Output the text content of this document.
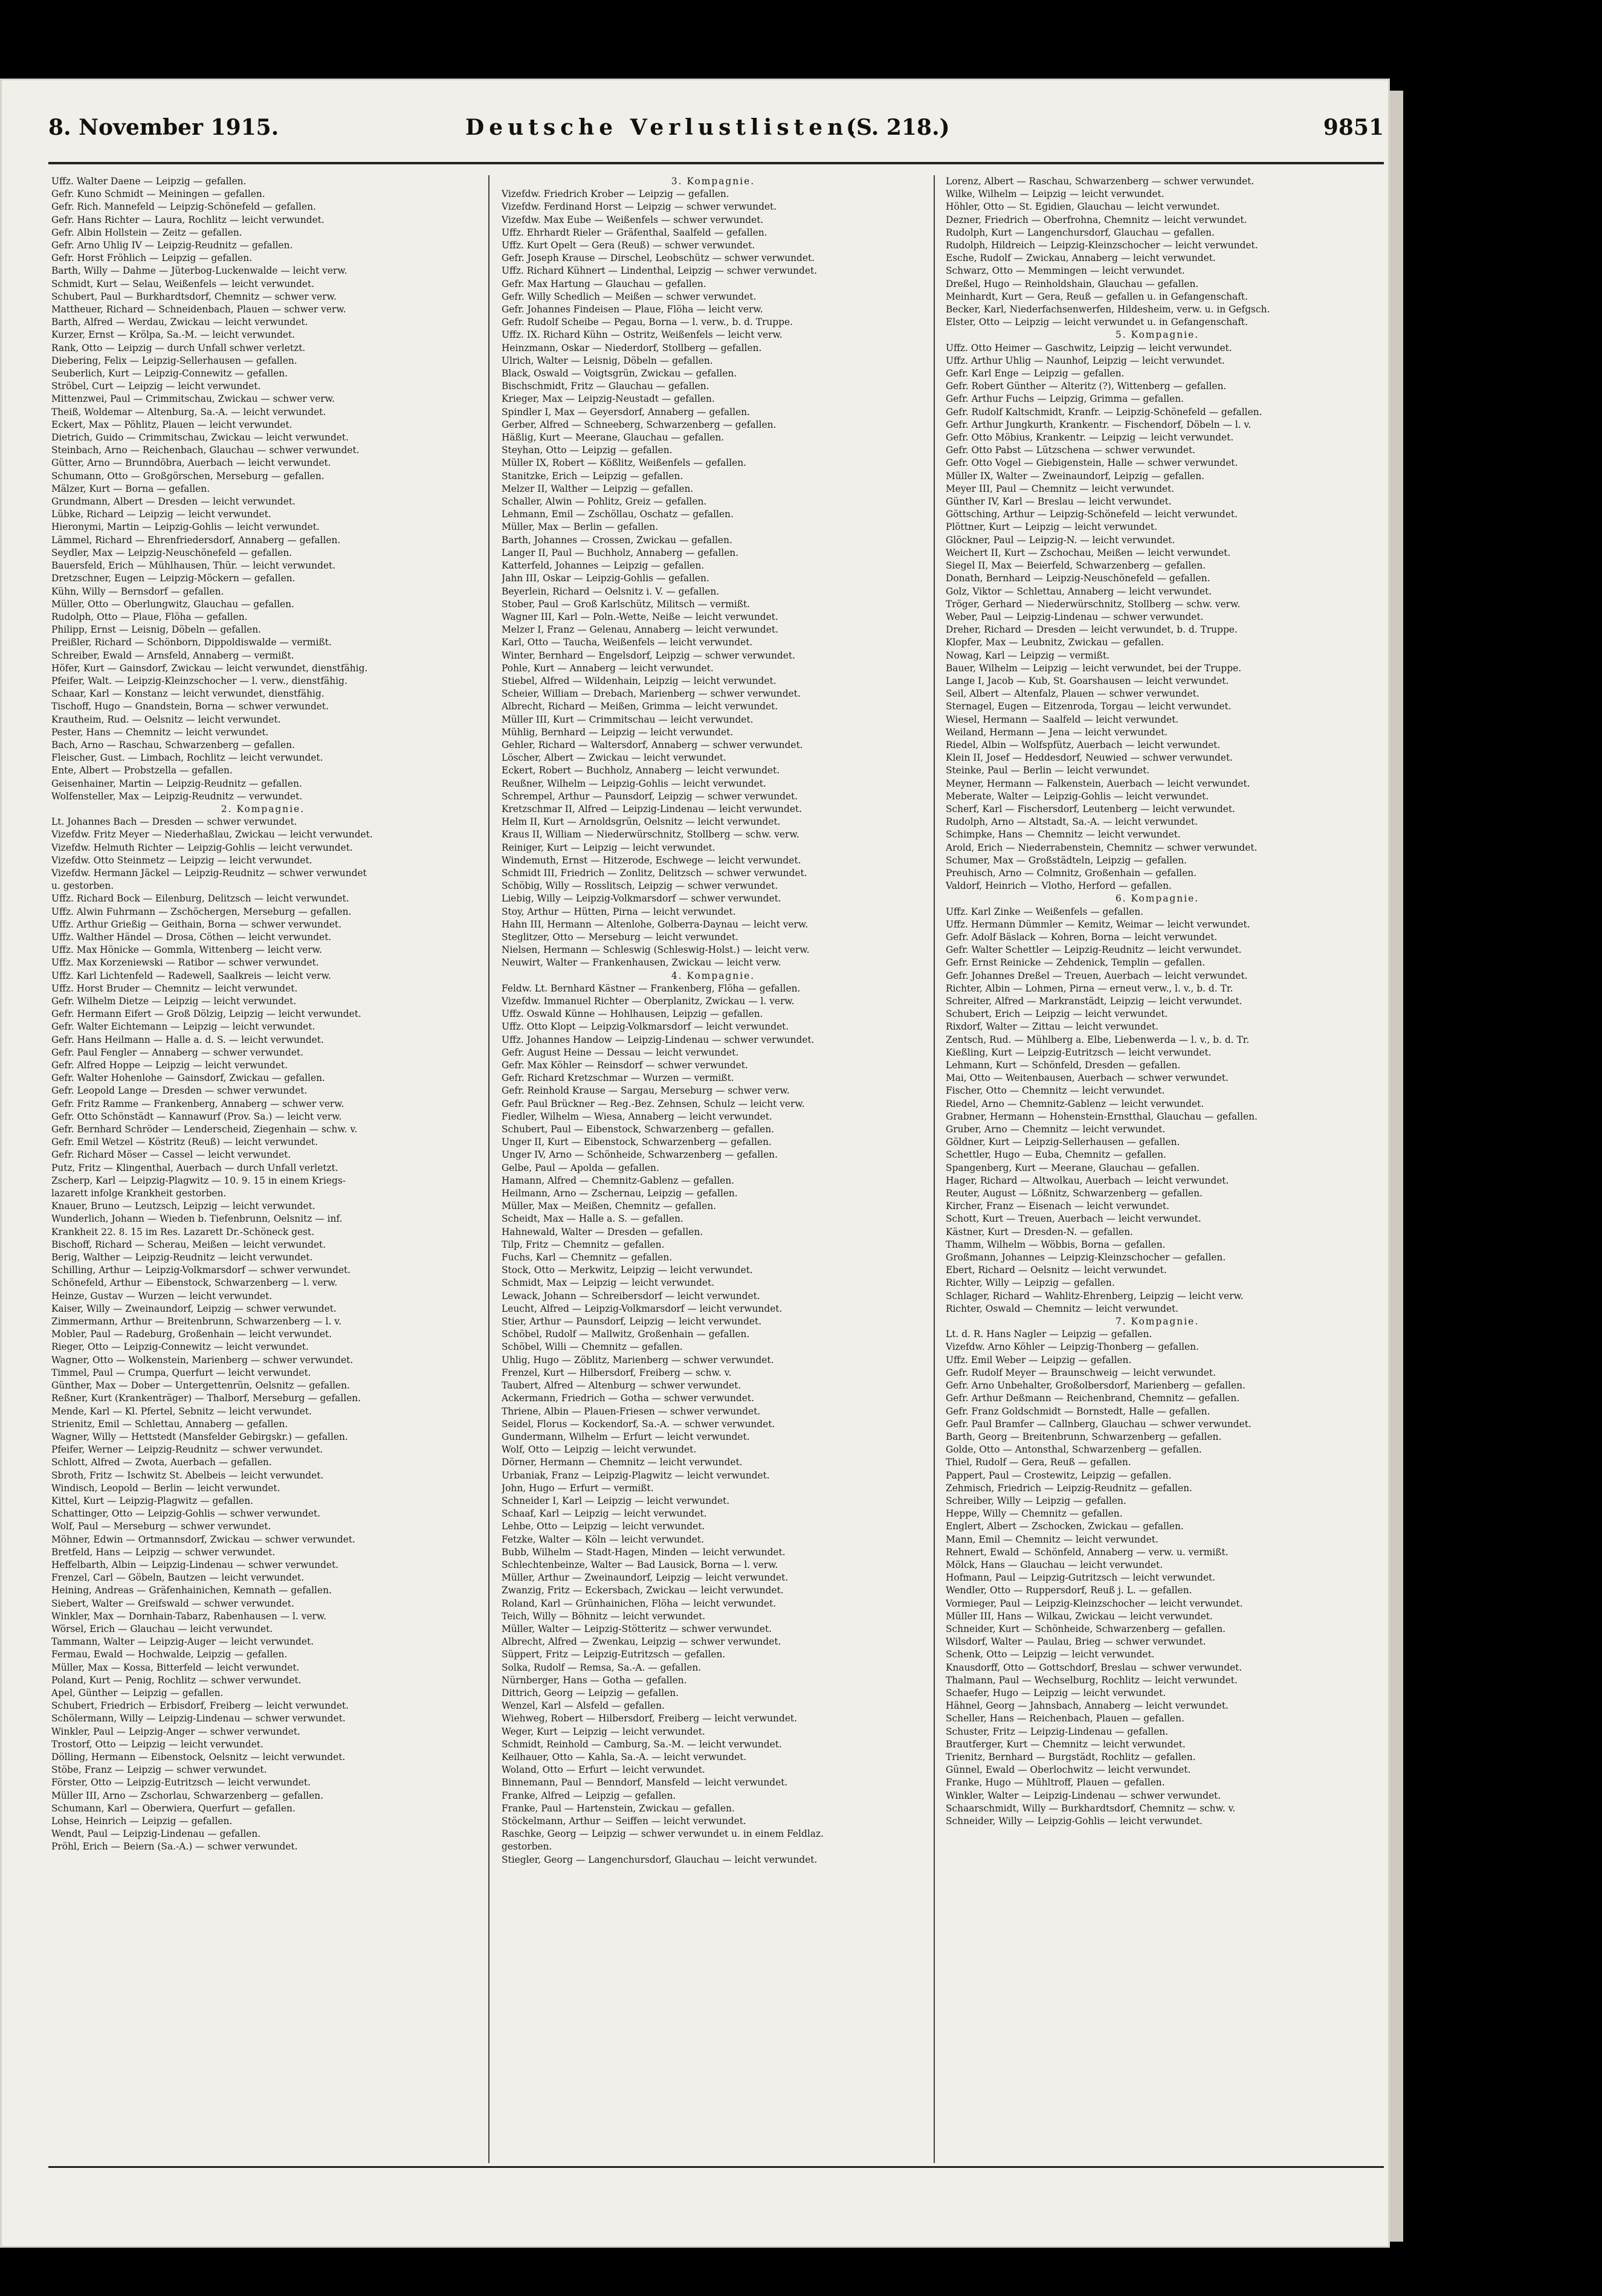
8. November 1915.	Deutsche Verlustlisten.
(S. 218.)	9851
Uffz. Walter Daene — Leipzig — gefallen.
Gefr. Kuno Schmidt — Meiningen — gefallen.
Gefr. Rich. Mannefeld — Leipzig-Schönefeld — gefallen.
Gefr. Hans Richter — Laura, Rochlitz — leicht verwundet.
Gefr. Albin Hollstein — Zeitz — gefallen.
Gefr. Arno Uhlig IV — Leipzig-Reudnitz — gefallen.
Gefr. Horst Fröhlich — Leipzig — gefallen.
Barth, Willy — Dahme — Jüterbog-Luckenwalde — leicht verw.
Schmidt, Kurt — Selau, Weißenfels — leicht verwundet.
Schubert, Paul — Burkhardtsdorf, Chemnitz — schwer verw.
Mattheuer, Richard — Schneidenbach, Plauen — schwer verw.
Barth, Alfred — Werdau, Zwickau — leicht verwundet.
Kurzer, Ernst — Krölpa, Sa.-M. — leicht verwundet.
Rank, Otto — Leipzig — durch Unfall schwer verletzt.
Diebering, Felix — Leipzig-Sellerhausen — gefallen.
Seuberlich, Kurt — Leipzig-Connewitz — gefallen.
Ströbel, Curt — Leipzig — leicht verwundet.
Mittenzwei, Paul — Crimmitschau, Zwickau — schwer verw.
Theiß, Woldemar — Altenburg, Sa.-A. — leicht verwundet.
Eckert, Max — Pöhlitz, Plauen — leicht verwundet.
Dietrich, Guido — Crimmitschau, Zwickau — leicht verwundet.
Steinbach, Arno — Reichenbach, Glauchau — schwer verwundet.
Gütter, Arno — Brunndöbra, Auerbach — leicht verwundet.
Schumann, Otto — Großgörschen, Merseburg — gefallen.
Mälzer, Kurt — Borna — gefallen.
Grundmann, Albert — Dresden — leicht verwundet.
Lübke, Richard — Leipzig — leicht verwundet.
Hieronymi, Martin — Leipzig-Gohlis — leicht verwundet.
Lämmel, Richard — Ehrenfriedersdorf, Annaberg — gefallen.
Seydler, Max — Leipzig-Neuschönefeld — gefallen.
Bauersfeld, Erich — Mühlhausen, Thür. — leicht verwundet.
Dretzschner, Eugen — Leipzig-Möckern — gefallen.
Kühn, Willy — Bernsdorf — gefallen.
Müller, Otto — Oberlungwitz, Glauchau — gefallen.
Rudolph, Otto — Plaue, Flöha — gefallen.
Philipp, Ernst — Leisnig, Döbeln — gefallen.
Preißler, Richard — Schönborn, Dippoldiswalde — vermißt.
Schreiber, Ewald — Arnsfeld, Annaberg — vermißt.
Höfer, Kurt — Gainsdorf, Zwickau — leicht verwundet, dienstfähig.
Pfeifer, Walt. — Leipzig-Kleinzschocher — l. verw., dienstfähig.
Schaar, Karl — Konstanz — leicht verwundet, dienstfähig.
Tischoff, Hugo — Gnandstein, Borna — schwer verwundet.
Krautheim, Rud. — Oelsnitz — leicht verwundet.
Pester, Hans — Chemnitz — leicht verwundet.
Bach, Arno — Raschau, Schwarzenberg — gefallen.
Fleischer, Gust. — Limbach, Rochlitz — leicht verwundet.
Ente, Albert — Probstzella — gefallen.
Geisenhainer, Martin — Leipzig-Reudnitz — gefallen.
Wolfensteller, Max — Leipzig-Reudnitz — verwundet.
2. Kompagnie.
Lt. Johannes Bach — Dresden — schwer verwundet.
Vizefdw. Fritz Meyer — Niederhaßlau, Zwickau — leicht verwundet.
Vizefdw. Helmuth Richter — Leipzig-Gohlis — leicht verwundet.
Vizefdw. Otto Steinmetz — Leipzig — leicht verwundet.
Vizefdw. Hermann Jäckel — Leipzig-Reudnitz — schwer verwundet
u. gestorben.
Uffz. Richard Bock — Eilenburg, Delitzsch — leicht verwundet.
Uffz. Alwin Fuhrmann — Zschöchergen, Merseburg — gefallen.
Uffz. Arthur Grießig — Geithain, Borna — schwer verwundet.
Uffz. Walther Händel — Drosa, Cöthen — leicht verwundet.
Uffz. Max Hönicke — Gommla, Wittenberg — leicht verw.
Uffz. Max Korzeniewski — Ratibor — schwer verwundet.
Uffz. Karl Lichtenfeld — Radewell, Saalkreis — leicht verw.
Uffz. Horst Bruder — Chemnitz — leicht verwundet.
Gefr. Wilhelm Dietze — Leipzig — leicht verwundet.
Gefr. Hermann Eifert — Groß Dölzig, Leipzig — leicht verwundet.
Gefr. Walter Eichtemann — Leipzig — leicht verwundet.
Gefr. Hans Heilmann — Halle a. d. S. — leicht verwundet.
Gefr. Paul Fengler — Annaberg — schwer verwundet.
Gefr. Alfred Hoppe — Leipzig — leicht verwundet.
Gefr. Walter Hohenlohe — Gainsdorf, Zwickau — gefallen.
Gefr. Leopold Lange — Dresden — schwer verwundet.
Gefr. Fritz Ramme — Frankenberg, Annaberg — schwer verw.
Gefr. Otto Schönstädt — Kannawurf (Prov. Sa.) — leicht verw.
Gefr. Bernhard Schröder — Lenderscheid, Ziegenhain — schw. v.
Gefr. Emil Wetzel — Köstritz (Reuß) — leicht verwundet.
Gefr. Richard Möser — Cassel — leicht verwundet.
Putz, Fritz — Klingenthal, Auerbach — durch Unfall verletzt.
Zscherp, Karl — Leipzig-Plagwitz — 10. 9. 15 in einem Kriegs-
lazarett infolge Krankheit gestorben.
Knauer, Bruno — Leutzsch, Leipzig — leicht verwundet.
Wunderlich, Johann — Wieden b. Tiefenbrunn, Oelsnitz — inf.
Krankheit 22. 8. 15 im Res. Lazarett Dr.-Schöneck gest.
Bischoff, Richard — Scherau, Meißen — leicht verwundet.
Berig, Walther — Leipzig-Reudnitz — leicht verwundet.
Schilling, Arthur — Leipzig-Volkmarsdorf — schwer verwundet.
Schönefeld, Arthur — Eibenstock, Schwarzenberg — l. verw.
Heinze, Gustav — Wurzen — leicht verwundet.
Kaiser, Willy — Zweinaundorf, Leipzig — schwer verwundet.
Zimmermann, Arthur — Breitenbrunn, Schwarzenberg — l. v.
Mobler, Paul — Radeburg, Großenhain — leicht verwundet.
Rieger, Otto — Leipzig-Connewitz — leicht verwundet.
Wagner, Otto — Wolkenstein, Marienberg — schwer verwundet.
Timmel, Paul — Crumpa, Querfurt — leicht verwundet.
Günther, Max — Dober — Untergettenrün, Oelsnitz — gefallen.
Reßner, Kurt (Krankenträger) — Thalborf, Merseburg — gefallen.
Mende, Karl — Kl. Pfertel, Sebnitz — leicht verwundet.
Strienitz, Emil — Schlettau, Annaberg — gefallen.
Wagner, Willy — Hettstedt (Mansfelder Gebirgskr.) — gefallen.
Pfeifer, Werner — Leipzig-Reudnitz — schwer verwundet.
Schlott, Alfred — Zwota, Auerbach — gefallen.
Sbroth, Fritz — Ischwitz St. Abelbeis — leicht verwundet.
Windisch, Leopold — Berlin — leicht verwundet.
Kittel, Kurt — Leipzig-Plagwitz — gefallen.
Schattinger, Otto — Leipzig-Gohlis — schwer verwundet.
Wolf, Paul — Merseburg — schwer verwundet.
Möhner, Edwin — Ortmannsdorf, Zwickau — schwer verwundet.
Bretfeld, Hans — Leipzig — schwer verwundet.
Heffelbarth, Albin — Leipzig-Lindenau — schwer verwundet.
Frenzel, Carl — Göbeln, Bautzen — leicht verwundet.
Heining, Andreas — Gräfenhainichen, Kemnath — gefallen.
Siebert, Walter — Greifswald — schwer verwundet.
Winkler, Max — Dornhain-Tabarz, Rabenhausen — l. verw.
Wörsel, Erich — Glauchau — leicht verwundet.
Tammann, Walter — Leipzig-Auger — leicht verwundet.
Fermau, Ewald — Hochwalde, Leipzig — gefallen.
Müller, Max — Kossa, Bitterfeld — leicht verwundet.
Poland, Kurt — Penig, Rochlitz — schwer verwundet.
Apel, Günther — Leipzig — gefallen.
Schubert, Friedrich — Erbisdorf, Freiberg — leicht verwundet.
Schölermann, Willy — Leipzig-Lindenau — schwer verwundet.
Winkler, Paul — Leipzig-Anger — schwer verwundet.
Trostorf, Otto — Leipzig — leicht verwundet.
Dölling, Hermann — Eibenstock, Oelsnitz — leicht verwundet.
Stöbe, Franz — Leipzig — schwer verwundet.
Förster, Otto — Leipzig-Eutritzsch — leicht verwundet.
Müller III, Arno — Zschorlau, Schwarzenberg — gefallen.
Schumann, Karl — Oberwiera, Querfurt — gefallen.
Lohse, Heinrich — Leipzig — gefallen.
Wendt, Paul — Leipzig-Lindenau — gefallen.
Pröhl, Erich — Beiern (Sa.-A.) — schwer verwundet.
3. Kompagnie.
Vizefdw. Friedrich Krober — Leipzig — gefallen.
Vizefdw. Ferdinand Horst — Leipzig — schwer verwundet.
Vizefdw. Max Eube — Weißenfels — schwer verwundet.
Uffz. Ehrhardt Rieler — Gräfenthal, Saalfeld — gefallen.
Uffz. Kurt Opelt — Gera (Reuß) — schwer verwundet.
Gefr. Joseph Krause — Dirschel, Leobschütz — schwer verwundet.
Uffz. Richard Kühnert — Lindenthal, Leipzig — schwer verwundet.
Gefr. Max Hartung — Glauchau — gefallen.
Gefr. Willy Schedlich — Meißen — schwer verwundet.
Gefr. Johannes Findeisen — Plaue, Flöha — leicht verw.
Gefr. Rudolf Scheibe — Pegau, Borna — l. verw., b. d. Truppe.
Uffz. IX. Richard Kühn — Ostritz, Weißenfels — leicht verw.
Heinzmann, Oskar — Niederdorf, Stollberg — gefallen.
Ulrich, Walter — Leisnig, Döbeln — gefallen.
Black, Oswald — Voigtsgrün, Zwickau — gefallen.
Bischschmidt, Fritz — Glauchau — gefallen.
Krieger, Max — Leipzig-Neustadt — gefallen.
Spindler I, Max — Geyersdorf, Annaberg — gefallen.
Gerber, Alfred — Schneeberg, Schwarzenberg — gefallen.
Häßlig, Kurt — Meerane, Glauchau — gefallen.
Steyhan, Otto — Leipzig — gefallen.
Müller IX, Robert — Kößlitz, Weißenfels — gefallen.
Stanitzke, Erich — Leipzig — gefallen.
Melzer II, Walther — Leipzig — gefallen.
Schaller, Alwin — Pohlitz, Greiz — gefallen.
Lehmann, Emil — Zschöllau, Oschatz — gefallen.
Müller, Max — Berlin — gefallen.
Barth, Johannes — Crossen, Zwickau — gefallen.
Langer II, Paul — Buchholz, Annaberg — gefallen.
Katterfeld, Johannes — Leipzig — gefallen.
Jahn III, Oskar — Leipzig-Gohlis — gefallen.
Beyerlein, Richard — Oelsnitz i. V. — gefallen.
Stober, Paul — Groß Karlschütz, Militsch — vermißt.
Wagner III, Karl — Poln.-Wette, Neiße — leicht verwundet.
Melzer I, Franz — Gelenau, Annaberg — leicht verwundet.
Karl, Otto — Taucha, Weißenfels — leicht verwundet.
Winter, Bernhard — Engelsdorf, Leipzig — schwer verwundet.
Pohle, Kurt — Annaberg — leicht verwundet.
Stiebel, Alfred — Wildenhain, Leipzig — leicht verwundet.
Scheier, William — Drebach, Marienberg — schwer verwundet.
Albrecht, Richard — Meißen, Grimma — leicht verwundet.
Müller III, Kurt — Crimmitschau — leicht verwundet.
Mühlig, Bernhard — Leipzig — leicht verwundet.
Gehler, Richard — Waltersdorf, Annaberg — schwer verwundet.
Löscher, Albert — Zwickau — leicht verwundet.
Eckert, Robert — Buchholz, Annaberg — leicht verwundet.
Reußner, Wilhelm — Leipzig-Gohlis — leicht verwundet.
Schrempel, Arthur — Paunsdorf, Leipzig — schwer verwundet.
Kretzschmar II, Alfred — Leipzig-Lindenau — leicht verwundet.
Helm II, Kurt — Arnoldsgrün, Oelsnitz — leicht verwundet.
Kraus II, William — Niederwürschnitz, Stollberg — schw. verw.
Reiniger, Kurt — Leipzig — leicht verwundet.
Windemuth, Ernst — Hitzerode, Eschwege — leicht verwundet.
Schmidt III, Friedrich — Zonlitz, Delitzsch — schwer verwundet.
Schöbig, Willy — Rosslitsch, Leipzig — schwer verwundet.
Liebig, Willy — Leipzig-Volkmarsdorf — schwer verwundet.
Stoy, Arthur — Hütten, Pirna — leicht verwundet.
Hahn III, Hermann — Altenlohe, Golberra-Daynau — leicht verw.
Steglitzer, Otto — Merseburg — leicht verwundet.
Nielsen, Hermann — Schleswig (Schleswig-Holst.) — leicht verw.
Neuwirt, Walter — Frankenhausen, Zwickau — leicht verw.
4. Kompagnie.
Feldw. Lt. Bernhard Kästner — Frankenberg, Flöha — gefallen.
Vizefdw. Immanuel Richter — Oberplanitz, Zwickau — l. verw.
Uffz. Oswald Künne — Hohlhausen, Leipzig — gefallen.
Uffz. Otto Klopt — Leipzig-Volkmarsdorf — leicht verwundet.
Uffz. Johannes Handow — Leipzig-Lindenau — schwer verwundet.
Gefr. August Heine — Dessau — leicht verwundet.
Gefr. Max Köhler — Reinsdorf — schwer verwundet.
Gefr. Richard Kretzschmar — Wurzen — vermißt.
Gefr. Reinhold Krause — Sargau, Merseburg — schwer verw.
Gefr. Paul Brückner — Reg.-Bez. Zehnsen, Schulz — leicht verw.
Fiedler, Wilhelm — Wiesa, Annaberg — leicht verwundet.
Schubert, Paul — Eibenstock, Schwarzenberg — gefallen.
Unger II, Kurt — Eibenstock, Schwarzenberg — gefallen.
Unger IV, Arno — Schönheide, Schwarzenberg — gefallen.
Gelbe, Paul — Apolda — gefallen.
Hamann, Alfred — Chemnitz-Gablenz — gefallen.
Heilmann, Arno — Zschernau, Leipzig — gefallen.
Müller, Max — Meißen, Chemnitz — gefallen.
Scheidt, Max — Halle a. S. — gefallen.
Hahnewald, Walter — Dresden — gefallen.
Tilp, Fritz — Chemnitz — gefallen.
Fuchs, Karl — Chemnitz — gefallen.
Stock, Otto — Merkwitz, Leipzig — leicht verwundet.
Schmidt, Max — Leipzig — leicht verwundet.
Lewack, Johann — Schreibersdorf — leicht verwundet.
Leucht, Alfred — Leipzig-Volkmarsdorf — leicht verwundet.
Stier, Arthur — Paunsdorf, Leipzig — leicht verwundet.
Schöbel, Rudolf — Mallwitz, Großenhain — gefallen.
Schöbel, Willi — Chemnitz — gefallen.
Uhlig, Hugo — Zöblitz, Marienberg — schwer verwundet.
Frenzel, Kurt — Hilbersdorf, Freiberg — schw. v.
Taubert, Alfred — Altenburg — schwer verwundet.
Ackermann, Friedrich — Gotha — schwer verwundet.
Thriene, Albin — Plauen-Friesen — schwer verwundet.
Seidel, Florus — Kockendorf, Sa.-A. — schwer verwundet.
Gundermann, Wilhelm — Erfurt — leicht verwundet.
Wolf, Otto — Leipzig — leicht verwundet.
Dörner, Hermann — Chemnitz — leicht verwundet.
Urbaniak, Franz — Leipzig-Plagwitz — leicht verwundet.
John, Hugo — Erfurt — vermißt.
Schneider I, Karl — Leipzig — leicht verwundet.
Schaaf, Karl — Leipzig — leicht verwundet.
Lehbe, Otto — Leipzig — leicht verwundet.
Fetzke, Walter — Köln — leicht verwundet.
Bubb, Wilhelm — Stadt-Hagen, Minden — leicht verwundet.
Schlechtenbeinze, Walter — Bad Lausick, Borna — l. verw.
Müller, Arthur — Zweinaundorf, Leipzig — leicht verwundet.
Zwanzig, Fritz — Eckersbach, Zwickau — leicht verwundet.
Roland, Karl — Grünhainichen, Flöha — leicht verwundet.
Teich, Willy — Böhnitz — leicht verwundet.
Müller, Walter — Leipzig-Stötteritz — schwer verwundet.
Albrecht, Alfred — Zwenkau, Leipzig — schwer verwundet.
Süppert, Fritz — Leipzig-Eutritzsch — gefallen.
Solka, Rudolf — Remsa, Sa.-A. — gefallen.
Nürnberger, Hans — Gotha — gefallen.
Dittrich, Georg — Leipzig — gefallen.
Wenzel, Karl — Alsfeld — gefallen.
Wiehweg, Robert — Hilbersdorf, Freiberg — leicht verwundet.
Weger, Kurt — Leipzig — leicht verwundet.
Schmidt, Reinhold — Camburg, Sa.-M. — leicht verwundet.
Keilhauer, Otto — Kahla, Sa.-A. — leicht verwundet.
Woland, Otto — Erfurt — leicht verwundet.
Binnemann, Paul — Benndorf, Mansfeld — leicht verwundet.
Franke, Alfred — Leipzig — gefallen.
Franke, Paul — Hartenstein, Zwickau — gefallen.
Stöckelmann, Arthur — Seiffen — leicht verwundet.
Raschke, Georg — Leipzig — schwer verwundet u. in einem Feldlaz.
gestorben.
Stiegler, Georg — Langenchursdorf, Glauchau — leicht verwundet.
Lorenz, Albert — Raschau, Schwarzenberg — schwer verwundet.
Wilke, Wilhelm — Leipzig — leicht verwundet.
Höhler, Otto — St. Egidien, Glauchau — leicht verwundet.
Dezner, Friedrich — Oberfrohna, Chemnitz — leicht verwundet.
Rudolph, Kurt — Langenchursdorf, Glauchau — gefallen.
Rudolph, Hildreich — Leipzig-Kleinzschocher — leicht verwundet.
Esche, Rudolf — Zwickau, Annaberg — leicht verwundet.
Schwarz, Otto — Memmingen — leicht verwundet.
Dreßel, Hugo — Reinholdshain, Glauchau — gefallen.
Meinhardt, Kurt — Gera, Reuß — gefallen u. in Gefangenschaft.
Becker, Karl, Niederfachsenwerfen, Hildesheim, verw. u. in Gefgsch.
Elster, Otto — Leipzig — leicht verwundet u. in Gefangenschaft.
5. Kompagnie.
Uffz. Otto Heimer — Gaschwitz, Leipzig — leicht verwundet.
Uffz. Arthur Uhlig — Naunhof, Leipzig — leicht verwundet.
Gefr. Karl Enge — Leipzig — gefallen.
Gefr. Robert Günther — Alteritz (?), Wittenberg — gefallen.
Gefr. Arthur Fuchs — Leipzig, Grimma — gefallen.
Gefr. Rudolf Kaltschmidt, Kranfr. — Leipzig-Schönefeld — gefallen.
Gefr. Arthur Jungkurth, Krankentr. — Fischendorf, Döbeln — l. v.
Gefr. Otto Möbius, Krankentr. — Leipzig — leicht verwundet.
Gefr. Otto Pabst — Lützschena — schwer verwundet.
Gefr. Otto Vogel — Giebigenstein, Halle — schwer verwundet.
Müller IX, Walter — Zweinaundorf, Leipzig — gefallen.
Meyer III, Paul — Chemnitz — leicht verwundet.
Günther IV, Karl — Breslau — leicht verwundet.
Göttsching, Arthur — Leipzig-Schönefeld — leicht verwundet.
Plöttner, Kurt — Leipzig — leicht verwundet.
Glöckner, Paul — Leipzig-N. — leicht verwundet.
Weichert II, Kurt — Zschochau, Meißen — leicht verwundet.
Siegel II, Max — Beierfeld, Schwarzenberg — gefallen.
Donath, Bernhard — Leipzig-Neuschönefeld — gefallen.
Golz, Viktor — Schlettau, Annaberg — leicht verwundet.
Tröger, Gerhard — Niederwürschnitz, Stollberg — schw. verw.
Weber, Paul — Leipzig-Lindenau — schwer verwundet.
Dreher, Richard — Dresden — leicht verwundet, b. d. Truppe.
Klopfer, Max — Leubnitz, Zwickau — gefallen.
Nowag, Karl — Leipzig — vermißt.
Bauer, Wilhelm — Leipzig — leicht verwundet, bei der Truppe.
Lange I, Jacob — Kub, St. Goarshausen — leicht verwundet.
Seil, Albert — Altenfalz, Plauen — schwer verwundet.
Sternagel, Eugen — Eitzenroda, Torgau — leicht verwundet.
Wiesel, Hermann — Saalfeld — leicht verwundet.
Weiland, Hermann — Jena — leicht verwundet.
Riedel, Albin — Wolfspfütz, Auerbach — leicht verwundet.
Klein II, Josef — Heddesdorf, Neuwied — schwer verwundet.
Steinke, Paul — Berlin — leicht verwundet.
Meyner, Hermann — Falkenstein, Auerbach — leicht verwundet.
Meberate, Walter — Leipzig-Gohlis — leicht verwundet.
Scherf, Karl — Fischersdorf, Leutenberg — leicht verwundet.
Rudolph, Arno — Altstadt, Sa.-A. — leicht verwundet.
Schimpke, Hans — Chemnitz — leicht verwundet.
Arold, Erich — Niederrabenstein, Chemnitz — schwer verwundet.
Schumer, Max — Großstädteln, Leipzig — gefallen.
Preuhisch, Arno — Colmnitz, Großenhain — gefallen.
Valdorf, Heinrich — Vlotho, Herford — gefallen.
6. Kompagnie.
Uffz. Karl Zinke — Weißenfels — gefallen.
Uffz. Hermann Dümmler — Kemitz, Weimar — leicht verwundet.
Gefr. Adolf Bäslack — Kohren, Borna — leicht verwundet.
Gefr. Walter Schettler — Leipzig-Reudnitz — leicht verwundet.
Gefr. Ernst Reinicke — Zehdenick, Templin — gefallen.
Gefr. Johannes Dreßel — Treuen, Auerbach — leicht verwundet.
Richter, Albin — Lohmen, Pirna — erneut verw., l. v., b. d. Tr.
Schreiter, Alfred — Markranstädt, Leipzig — leicht verwundet.
Schubert, Erich — Leipzig — leicht verwundet.
Rixdorf, Walter — Zittau — leicht verwundet.
Zentsch, Rud. — Mühlberg a. Elbe, Liebenwerda — l. v., b. d. Tr.
Kießling, Kurt — Leipzig-Eutritzsch — leicht verwundet.
Lehmann, Kurt — Schönfeld, Dresden — gefallen.
Mai, Otto — Weitenbausen, Auerbach — schwer verwundet.
Fischer, Otto — Chemnitz — leicht verwundet.
Riedel, Arno — Chemnitz-Gablenz — leicht verwundet.
Grabner, Hermann — Hohenstein-Ernstthal, Glauchau — gefallen.
Gruber, Arno — Chemnitz — leicht verwundet.
Göldner, Kurt — Leipzig-Sellerhausen — gefallen.
Schettler, Hugo — Euba, Chemnitz — gefallen.
Spangenberg, Kurt — Meerane, Glauchau — gefallen.
Hager, Richard — Altwolkau, Auerbach — leicht verwundet.
Reuter, August — Lößnitz, Schwarzenberg — gefallen.
Kircher, Franz — Eisenach — leicht verwundet.
Schott, Kurt — Treuen, Auerbach — leicht verwundet.
Kästner, Kurt — Dresden-N. — gefallen.
Thamm, Wilhelm — Wöbbis, Borna — gefallen.
Großmann, Johannes — Leipzig-Kleinzschocher — gefallen.
Ebert, Richard — Oelsnitz — leicht verwundet.
Richter, Willy — Leipzig — gefallen.
Schlager, Richard — Wahlitz-Ehrenberg, Leipzig — leicht verw.
Richter, Oswald — Chemnitz — leicht verwundet.
7. Kompagnie.
Lt. d. R. Hans Nagler — Leipzig — gefallen.
Vizefdw. Arno Köhler — Leipzig-Thonberg — gefallen.
Uffz. Emil Weber — Leipzig — gefallen.
Gefr. Rudolf Meyer — Braunschweig — leicht verwundet.
Gefr. Arno Unbehalter, Großolbersdorf, Marienberg — gefallen.
Gefr. Arthur Deßmann — Reichenbrand, Chemnitz — gefallen.
Gefr. Franz Goldschmidt — Bornstedt, Halle — gefallen.
Gefr. Paul Bramfer — Callnberg, Glauchau — schwer verwundet.
Barth, Georg — Breitenbrunn, Schwarzenberg — gefallen.
Golde, Otto — Antonsthal, Schwarzenberg — gefallen.
Thiel, Rudolf — Gera, Reuß — gefallen.
Pappert, Paul — Crostewitz, Leipzig — gefallen.
Zehmisch, Friedrich — Leipzig-Reudnitz — gefallen.
Schreiber, Willy — Leipzig — gefallen.
Heppe, Willy — Chemnitz — gefallen.
Englert, Albert — Zschocken, Zwickau — gefallen.
Mann, Emil — Chemnitz — leicht verwundet.
Rehnert, Ewald — Schönfeld, Annaberg — verw. u. vermißt.
Mölck, Hans — Glauchau — leicht verwundet.
Hofmann, Paul — Leipzig-Gutritzsch — leicht verwundet.
Wendler, Otto — Ruppersdorf, Reuß j. L. — gefallen.
Vormieger, Paul — Leipzig-Kleinzschocher — leicht verwundet.
Müller III, Hans — Wilkau, Zwickau — leicht verwundet.
Schneider, Kurt — Schönheide, Schwarzenberg — gefallen.
Wilsdorf, Walter — Paulau, Brieg — schwer verwundet.
Schenk, Otto — Leipzig — leicht verwundet.
Knausdorff, Otto — Gottschdorf, Breslau — schwer verwundet.
Thalmann, Paul — Wechselburg, Rochlitz — leicht verwundet.
Schaefer, Hugo — Leipzig — leicht verwundet.
Hähnel, Georg — Jahnsbach, Annaberg — leicht verwundet.
Scheller, Hans — Reichenbach, Plauen — gefallen.
Schuster, Fritz — Leipzig-Lindenau — gefallen.
Brautferger, Kurt — Chemnitz — leicht verwundet.
Trienitz, Bernhard — Burgstädt, Rochlitz — gefallen.
Günnel, Ewald — Oberlochwitz — leicht verwundet.
Franke, Hugo — Mühltroff, Plauen — gefallen.
Winkler, Walter — Leipzig-Lindenau — schwer verwundet.
Schaarschmidt, Willy — Burkhardtsdorf, Chemnitz — schw. v.
Schneider, Willy — Leipzig-Gohlis — leicht verwundet.
